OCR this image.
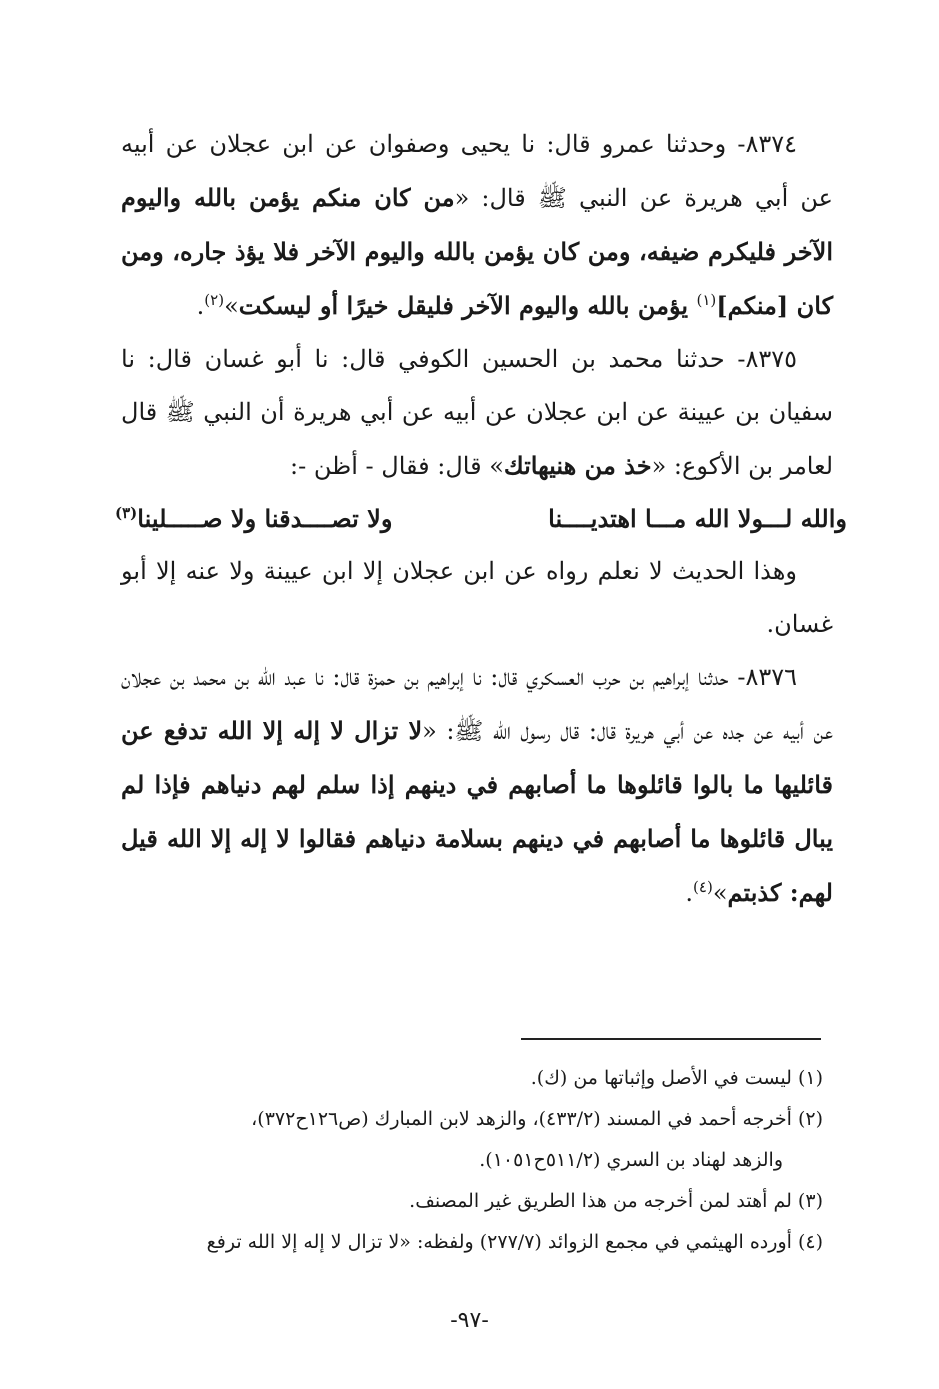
٨٣٧٤- وحدثنا عمرو قال: نا يحيى وصفوان عن ابن عجلان عن أبيه عن أبي هريرة عن النبي ﷺ قال: «من كان منكم يؤمن بالله واليوم الآخر فليكرم ضيفه، ومن كان يؤمن بالله واليوم الآخر فلا يؤذ جاره، ومن كان [منكم]$^{(١)}$ يؤمن بالله واليوم الآخر فليقل خيرًا أو ليسكت»$^{(٢)}$.

٨٣٧٥- حدثنا محمد بن الحسين الكوفي قال: نا أبو غسان قال: نا سفيان بن عيينة عن ابن عجلان عن أبيه عن أبي هريرة أن النبي ﷺ قال لعامر بن الأكوع: «خذ من هنيهاتك» قال: فقال - أظن -:

والله لـــولا الله مـــا اهتديــــنا
ولا تصــــدقنا ولا صـــــلينا$^{(٣)}$

وهذا الحديث لا نعلم رواه عن ابن عجلان إلا ابن عيينة ولا عنه إلا أبو غسان.

٨٣٧٦- حدثنا إبراهيم بن حرب العسكري قال: نا إبراهيم بن حمزة قال: نا عبد الله بن محمد بن عجلان عن أبيه عن جده عن أبي هريرة قال: قال رسول الله ﷺ: «لا تزال لا إله إلا الله تدفع عن قائليها ما بالوا قائلوها ما أصابهم في دينهم إذا سلم لهم دنياهم فإذا لم يبال قائلوها ما أصابهم في دينهم بسلامة دنياهم فقالوا لا إله إلا الله قيل لهم: كذبتم»$^{(٤)}$.

(١) ليست في الأصل وإثباتها من (ك).

(٢) أخرجه أحمد في المسند (٤٣٣/٢)، والزهد لابن المبارك (ص١٢٦ح٣٧٢)،

والزهد لهناد بن السري (٥١١/٢ح١٠٥١).

(٣) لم أهتد لمن أخرجه من هذا الطريق غير المصنف.

(٤) أورده الهيثمي في مجمع الزوائد (٢٧٧/٧) ولفظه: «لا تزال لا إله إلا الله ترفع

-٩٧-
